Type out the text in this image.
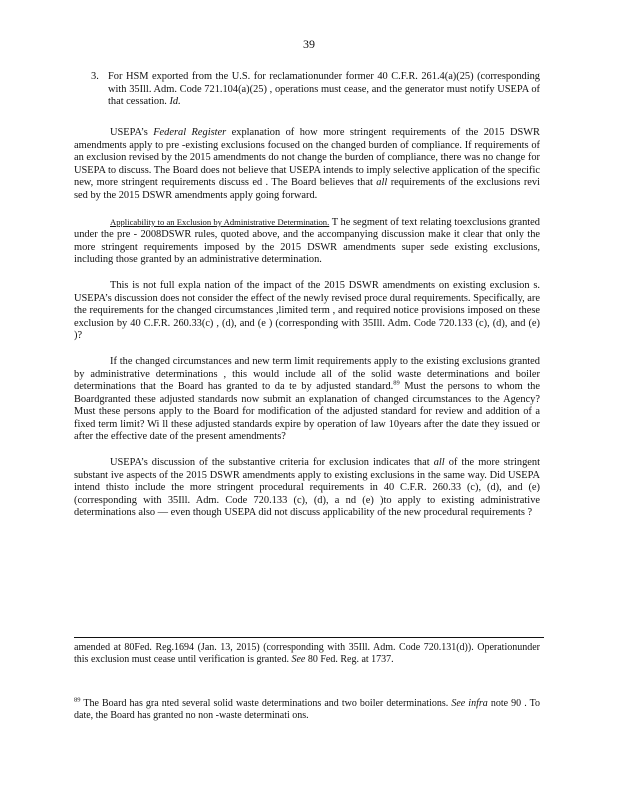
39
3. For HSM exported from the U.S. for reclamationunder former 40 C.F.R. 261.4(a)(25) (corresponding with 35Ill. Adm. Code 721.104(a)(25) , operations must cease, and the generator must notify USEPA of that cessation. Id.

USEPA’s Federal Register explanation of how more stringent requirements of the 2015 DSWR amendments apply to pre -existing exclusions focused on the changed burden of compliance. If requirements of an exclusion revised by the 2015 amendments do not change the burden of compliance, there was no change for USEPA to discuss. The Board does not believe that USEPA intends to imply selective application of the specific new, more stringent requirements discuss ed . The Board believes that all requirements of the exclusions revi sed by the 2015 DSWR amendments apply going forward.

Applicability to an Exclusion by Administrative Determination. T he segment of text relating toexclusions granted under the pre - 2008DSWR rules, quoted above, and the accompanying discussion make it clear that only the more stringent requirements imposed by the 2015 DSWR amendments super sede existing exclusions, including those granted by an administrative determination.

This is not full expla nation of the impact of the 2015 DSWR amendments on existing exclusion s. USEPA’s discussion does not consider the effect of the newly revised proce dural requirements. Specifically, are the requirements for the changed circumstances ,limited term , and required notice provisions imposed on these exclusion by 40 C.F.R. 260.33(c) , (d), and (e ) (corresponding with 35Ill. Adm. Code 720.133 (c), (d), and (e) )?

If the changed circumstances and new term limit requirements apply to the existing exclusions granted by administrative determinations , this would include all of the solid waste determinations and boiler determinations that the Board has granted to da te by adjusted standard.$^{89}$ Must the persons to whom the Boardgranted these adjusted standards now submit an explanation of changed circumstances to the Agency? Must these persons apply to the Board for modification of the adjusted standard for review and addition of a fixed term limit? Wi ll these adjusted standards expire by operation of law 10years after the date they issued or after the effective date of the present amendments?

USEPA’s discussion of the substantive criteria for exclusion indicates that all of the more stringent substant ive aspects of the 2015 DSWR amendments apply to existing exclusions in the same way. Did USEPA intend thisto include the more stringent procedural requirements in 40 C.F.R. 260.33 (c), (d), and (e) (corresponding with 35Ill. Adm. Code 720.133 (c), (d), a nd (e) )to apply to existing administrative determinations also — even though USEPA did not discuss applicability of the new procedural requirements ?

amended at 80Fed. Reg.1694 (Jan. 13, 2015) (corresponding with 35Ill. Adm. Code 720.131(d)). Operationunder this exclusion must cease until verification is granted. See 80 Fed. Reg. at 1737.
$^{89}$ The Board has gra nted several solid waste determinations and two boiler determinations. See infra note 90 . To date, the Board has granted no non -waste determinati ons.
